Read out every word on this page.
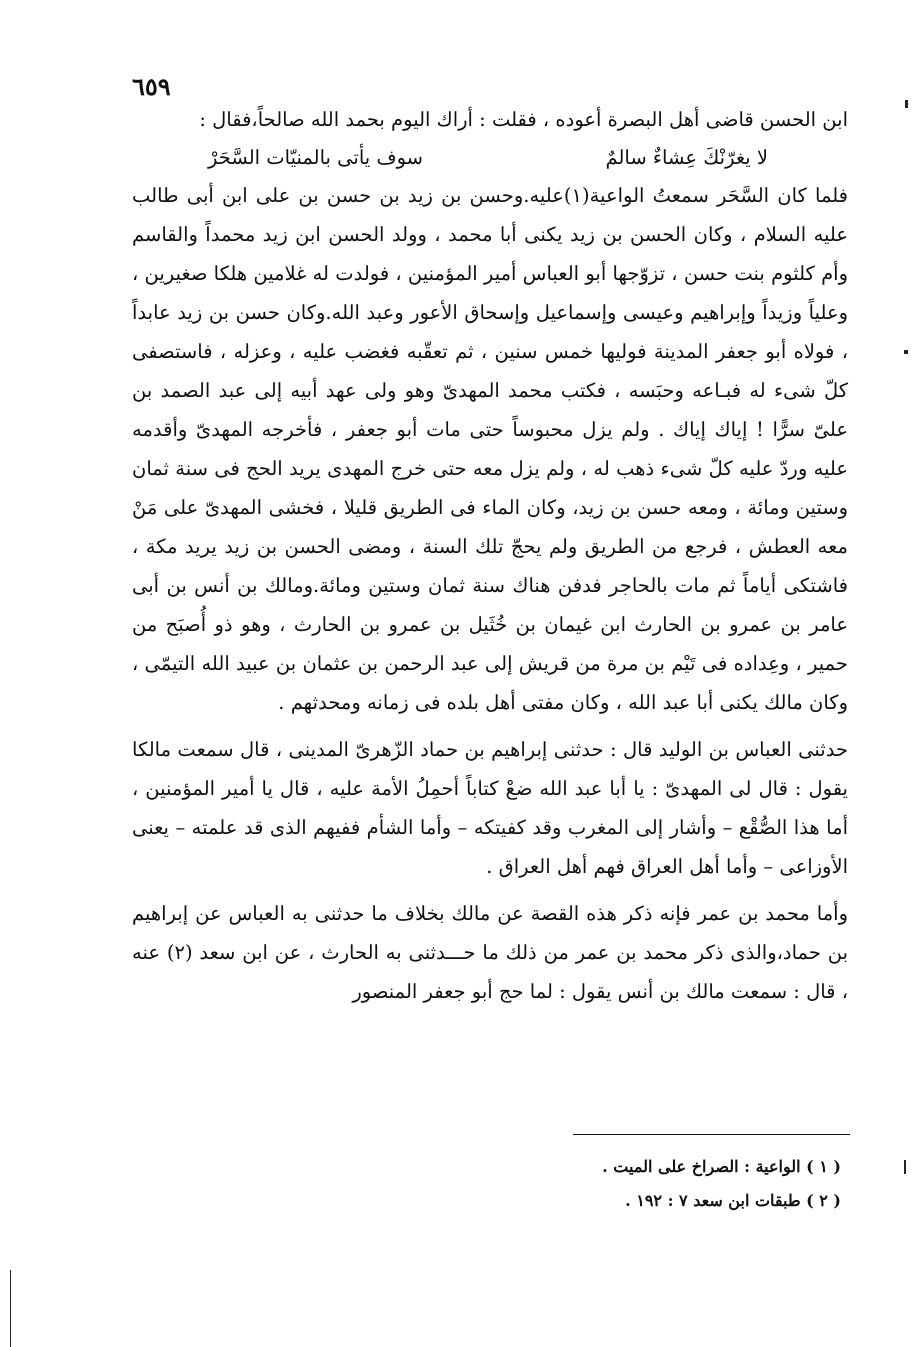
٦٥٩

ابن الحسن قاضى أهل البصرة أعوده ، فقلت : أراك اليوم بحمد الله صالحاً،فقال :

لا يغرّنْكَ عِشاءٌ سالمٌ
سوف يأتى بالمنيّات السَّحَرْ

فلما كان السَّحَر سمعتُ الواعية(١)عليه.وحسن بن زيد بن حسن بن على ابن أبى طالب عليه السلام ، وكان الحسن بن زيد يكنى أبا محمد ، وولد الحسن ابن زيد محمداً والقاسم وأم كلثوم بنت حسن ، تزوّجها أبو العباس أمير المؤمنين ، فولدت له غلامين هلكا صغيرين ، وعلياً وزيداً وإبراهيم وعيسى وإسماعيل وإسحاق الأعور وعبد الله.وكان حسن بن زيد عابداً ، فولاه أبو جعفر المدينة فوليها خمس سنين ، ثم تعقّبه فغضب عليه ، وعزله ، فاستصفى كلّ شىء له فبـاعه وحبَسه ، فكتب محمد المهدىّ وهو ولى عهد أبيه إلى عبد الصمد بن علىّ سرًّا ! إياك إياك . ولم يزل محبوساً حتى مات أبو جعفر ، فأخرجه المهدىّ وأقدمه عليه وردّ عليه كلّ شىء ذهب له ، ولم يزل معه حتى خرج المهدى يريد الحج فى سنة ثمان وستين ومائة ، ومعه حسن بن زيد، وكان الماء فى الطريق قليلا ، فخشى المهدىّ على مَنْ معه العطش ، فرجع من الطريق ولم يحجّ تلك السنة ، ومضى الحسن بن زيد يريد مكة ، فاشتكى أياماً ثم مات بالحاجر فدفن هناك سنة ثمان وستين ومائة.ومالك بن أنس بن أبى عامر بن عمرو بن الحارث ابن غيمان بن خُثَيل بن عمرو بن الحارث ، وهو ذو أُصبَح من حمير ، وعِداده فى تَيْم بن مرة من قريش إلى عبد الرحمن بن عثمان بن عبيد الله التيمّى ، وكان مالك يكنى أبا عبد الله ، وكان مفتى أهل بلده فى زمانه ومحدثهم .

حدثنى العباس بن الوليد قال : حدثنى إبراهيم بن حماد الزّهرىّ المدينى ، قال سمعت مالكا يقول : قال لى المهدىّ : يا أبا عبد الله ضعْ كتاباً أحمِلُ الأمة عليه ، قال يا أمير المؤمنين ، أما هذا الصُّقْع – وأشار إلى المغرب وقد كفيتكه – وأما الشأم ففيهم الذى قد علمته – يعنى الأوزاعى – وأما أهل العراق فهم أهل العراق .

وأما محمد بن عمر فإنه ذكر هذه القصة عن مالك بخلاف ما حدثنى به العباس عن إبراهيم بن حماد،والذى ذكر محمد بن عمر من ذلك ما حـــدثنى به الحارث ، عن ابن سعد (٢) عنه ، قال : سمعت مالك بن أنس يقول : لما حج أبو جعفر المنصور

( ١ ) الواعية : الصراخ على الميت .

( ٢ ) طبقات ابن سعد ٧ : ١٩٢ .
